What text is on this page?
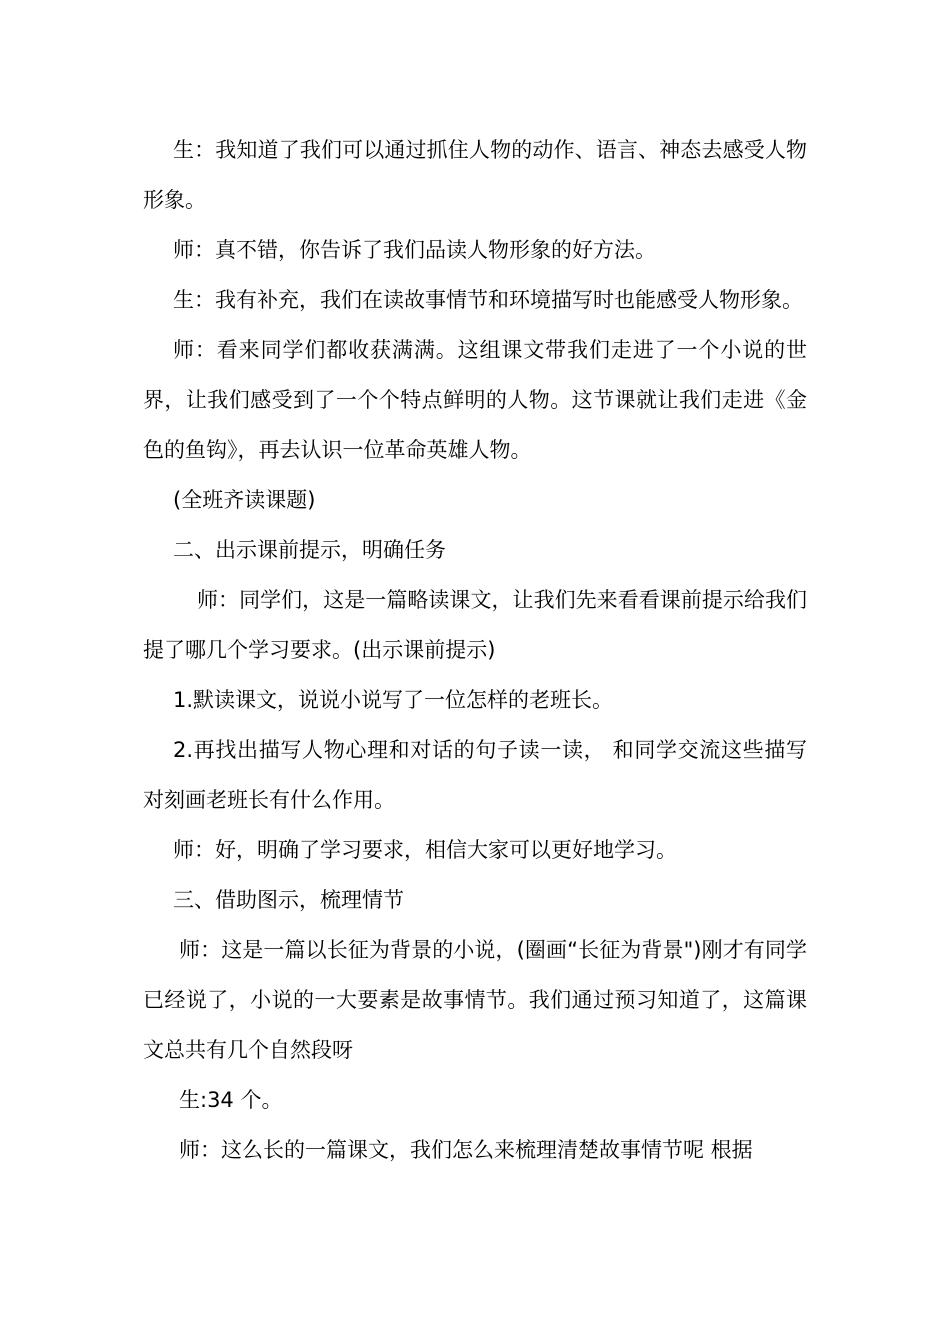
生：我知道了我们可以通过抓住人物的动作、语言、神态去感受人物形象。

师：真不错，你告诉了我们品读人物形象的好方法。

生：我有补充，我们在读故事情节和环境描写时也能感受人物形象。

师：看来同学们都收获满满。这组课文带我们走进了一个小说的世界，让我们感受到了一个个特点鲜明的人物。这节课就让我们走进《金色的鱼钩》，再去认识一位革命英雄人物。

(全班齐读课题)

二、出示课前提示，明确任务

师：同学们，这是一篇略读课文，让我们先来看看课前提示给我们提了哪几个学习要求。(出示课前提示)

1.默读课文，说说小说写了一位怎样的老班长。

2.再找出描写人物心理和对话的句子读一读， 和同学交流这些描写对刻画老班长有什么作用。

师：好，明确了学习要求，相信大家可以更好地学习。

三、借助图示，梳理情节

师：这是一篇以长征为背景的小说，(圈画“长征为背景")刚才有同学已经说了，小说的一大要素是故事情节。我们通过预习知道了，这篇课文总共有几个自然段呀

生:34 个。

师：这么长的一篇课文，我们怎么来梳理清楚故事情节呢 根据
